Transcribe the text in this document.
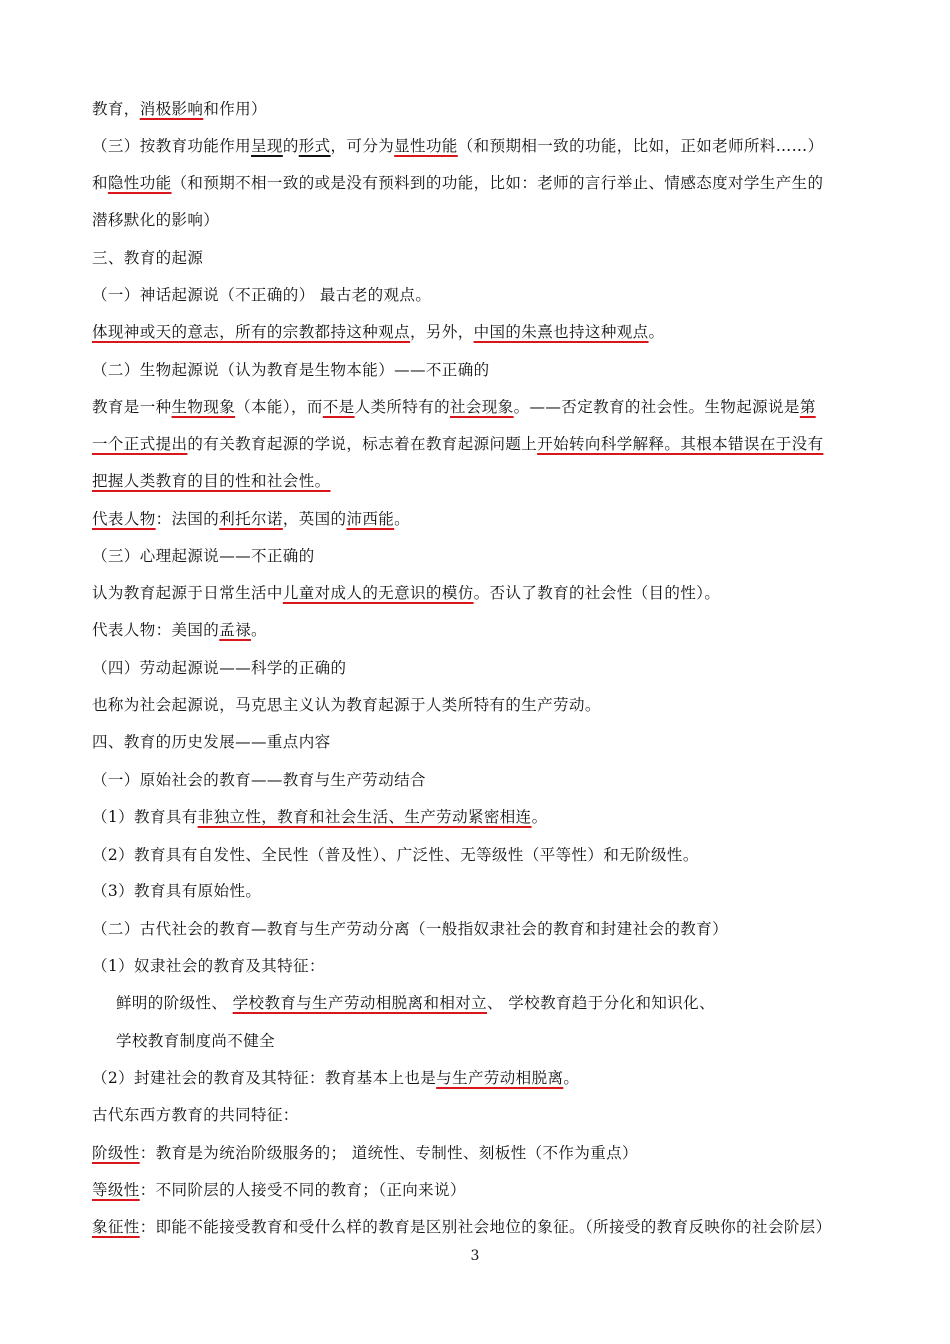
教育，消极影响和作用）
（三）按教育功能作用呈现的形式，可分为显性功能（和预期相一致的功能，比如，正如老师所料……）
和隐性功能（和预期不相一致的或是没有预料到的功能，比如：老师的言行举止、情感态度对学生产生的
潜移默化的影响）
三、教育的起源
（一）神话起源说（不正确的） 最古老的观点。
体现神或天的意志，所有的宗教都持这种观点，另外，中国的朱熹也持这种观点。
（二）生物起源说（认为教育是生物本能）——不正确的
教育是一种生物现象（本能），而不是人类所特有的社会现象。——否定教育的社会性。生物起源说是第
一个正式提出的有关教育起源的学说，标志着在教育起源问题上开始转向科学解释。其根本错误在于没有
把握人类教育的目的性和社会性。
代表人物：法国的利托尔诺，英国的沛西能。
（三）心理起源说——不正确的
认为教育起源于日常生活中儿童对成人的无意识的模仿。否认了教育的社会性（目的性）。
代表人物：美国的孟禄。
（四）劳动起源说——科学的正确的
也称为社会起源说，马克思主义认为教育起源于人类所特有的生产劳动。
四、教育的历史发展——重点内容
（一）原始社会的教育——教育与生产劳动结合
（1）教育具有非独立性，教育和社会生活、生产劳动紧密相连。
（2）教育具有自发性、全民性（普及性）、广泛性、无等级性（平等性）和无阶级性。
（3）教育具有原始性。
（二）古代社会的教育—教育与生产劳动分离（一般指奴隶社会的教育和封建社会的教育）
（1）奴隶社会的教育及其特征：
鲜明的阶级性、 学校教育与生产劳动相脱离和相对立、 学校教育趋于分化和知识化、
学校教育制度尚不健全
（2）封建社会的教育及其特征：教育基本上也是与生产劳动相脱离。
古代东西方教育的共同特征：
阶级性：教育是为统治阶级服务的； 道统性、专制性、刻板性（不作为重点）
等级性：不同阶层的人接受不同的教育；（正向来说）
象征性：即能不能接受教育和受什么样的教育是区别社会地位的象征。（所接受的教育反映你的社会阶层）
3
